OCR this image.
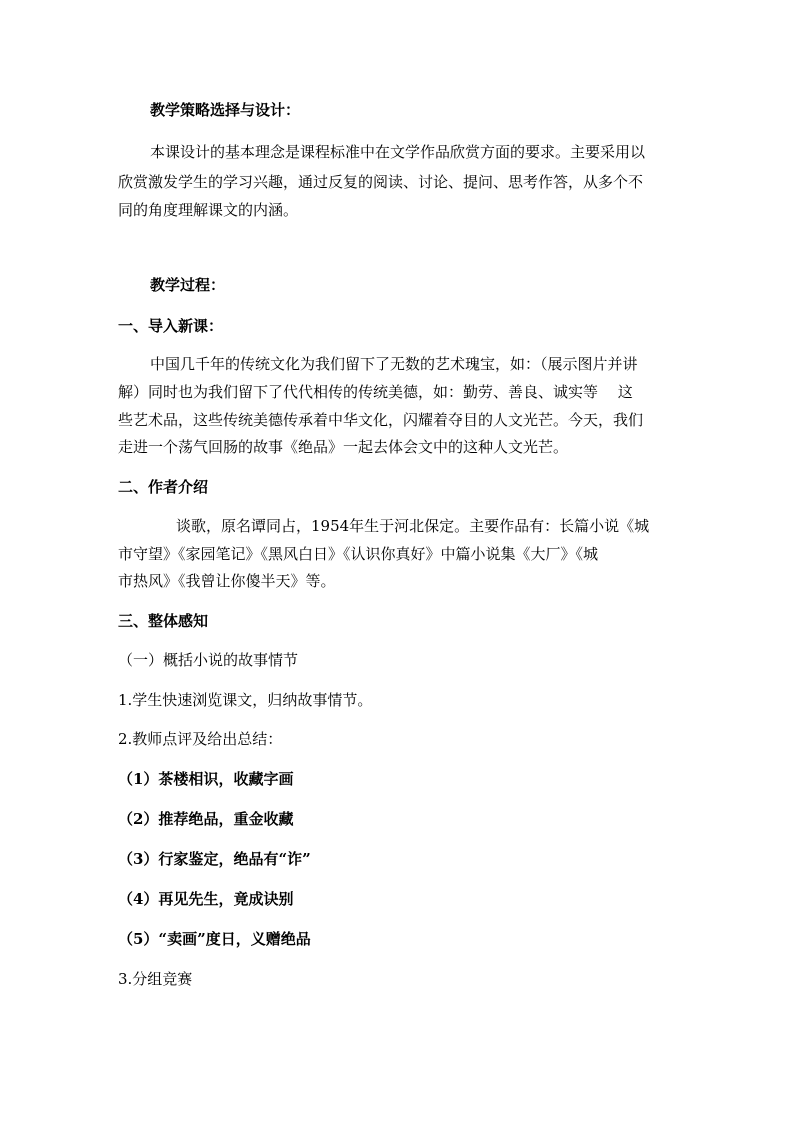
教学策略选择与设计：
本课设计的基本理念是课程标准中在文学作品欣赏方面的要求。主要采用以
欣赏激发学生的学习兴趣，通过反复的阅读、讨论、提问、思考作答，从多个不
同的角度理解课文的内涵。
教学过程：
一、导入新课：
中国几千年的传统文化为我们留下了无数的艺术瑰宝，如：（展示图片并讲
解）同时也为我们留下了代代相传的传统美德，如：勤劳、善良、诚实等　 这
些艺术品，这些传统美德传承着中华文化，闪耀着夺目的人文光芒。今天，我们
走进一个荡气回肠的故事《绝品》一起去体会文中的这种人文光芒。
二、作者介绍
谈歌，原名谭同占，1954年生于河北保定。主要作品有：长篇小说《城
市守望》《家园笔记》《黑风白日》《认识你真好》中篇小说集《大厂》《城
市热风》《我曾让你傻半天》等。
三、整体感知
（一）概括小说的故事情节
1.学生快速浏览课文，归纳故事情节。
2.教师点评及给出总结：
（1）茶楼相识，收藏字画
（2）推荐绝品，重金收藏
（3）行家鉴定，绝品有“诈”
（4）再见先生，竟成诀别
（5）“卖画”度日，义赠绝品
3.分组竞赛
